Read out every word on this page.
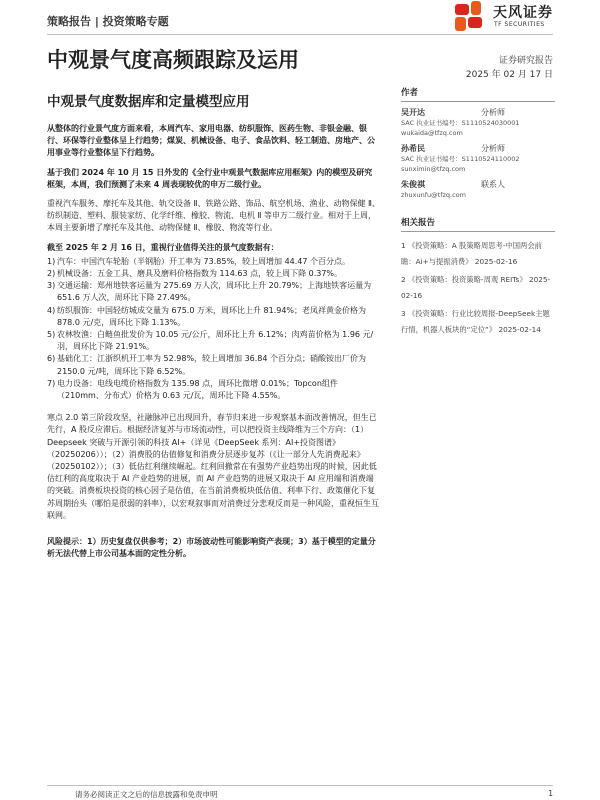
策略报告 | 投资策略专题
天风证券
TF SECURITIES
中观景气度高频跟踪及运用	证券研究报告
2025 年 02 月 17 日
中观景气度数据库和定量模型应用

从整体的行业景气度方面来看，本周汽车、家用电器、纺织服饰、医药生物、非银金融、银行、环保等行业整体呈上行趋势；煤炭、机械设备、电子、食品饮料、轻工制造、房地产、公用事业等行业整体呈下行趋势。

基于我们 2024 年 10 月 15 日外发的《全行业中观景气数据库应用框架》内的模型及研究框架，本周，我们预测了未来 4 周表现较优的申万二级行业。

重视汽车服务、摩托车及其他、轨交设备 Ⅱ、铁路公路、饰品、航空机场、渔业、动物保健 Ⅱ、纺织制造、塑料、服装家纺、化学纤维、橡胶、物流、电机 Ⅱ 等申万二级行业。相对于上周，本周主要新增了摩托车及其他、动物保健 Ⅱ、橡胶、物流等行业。

截至 2025 年 2 月 16 日，重视行业值得关注的景气度数据有：

1) 汽车：中国汽车轮胎（半钢胎）开工率为 73.85%，较上周增加 44.47 个百分点。
2) 机械设备：五金工具、磨具及磨料价格指数为 114.63 点，较上周下降 0.37%。
3) 交通运输：郑州地铁客运量为 275.69 万人次，周环比上升 20.79%；上海地铁客运量为 651.6 万人次，周环比下降 27.49%。
4) 纺织服饰：中国轻纺城成交量为 675.0 万米，周环比上升 81.94%；老凤祥黄金价格为 878.0 元/克，周环比下降 1.13%。
5) 农林牧渔：白鲢鱼批发价为 10.05 元/公斤，周环比上升 6.12%；肉鸡苗价格为 1.96 元/羽，周环比下降 21.91%。
6) 基础化工：江浙织机开工率为 52.98%，较上周增加 36.84 个百分点；硝酸铵出厂价为 2150.0 元/吨，周环比下降 6.52%。
7) 电力设备：电线电缆价格指数为 135.98 点，周环比微增 0.01%；Topcon组件（210mm、分布式）价格为 0.63 元/瓦，周环比下降 4.55%。

寒点 2.0 第三阶段攻坚，社融脉冲已出现回升，春节归来进一步观察基本面改善情况，但生已先行，A 股反应滞后。根据经济复苏与市场流动性，可以把投资主线降维为三个方向：（1）Deepseek 突破与开源引领的科技 AI+（详见《DeepSeek 系列：AI+投资图谱》（20250206））；（2）消费股的估值修复和消费分层逐步复苏（《让一部分人先消费起来》（20250102））；（3）低估红利继续崛起。红利回撤常在有强势产业趋势出现的时候，因此低估红利的高度取决于 AI 产业趋势的进展，而 AI 产业趋势的进展又取决于 AI 应用端和消费端的突破。消费板块投资的核心因子是估值，在当前消费板块低估值、利率下行、政策催化下复苏周期抬头（哪怕是很弱的斜率），以宏观叙事而对消费过分悲观反而是一种风险，重视恒生互联网。

风险提示：1）历史复盘仅供参考；2）市场波动性可能影响资产表现；3）基于模型的定量分析无法代替上市公司基本面的定性分析。

作者
吴开达	分析师
SAC 执业证书编号：S1110524030001
wukaida@tfzq.com
孙希民	分析师
SAC 执业证书编号：S1110524110002
sunximin@tfzq.com
朱俊祺	联系人
zhuxunfu@tfzq.com
相关报告
1 《投资策略：A 股策略周思考-中国两会前瞻：Ai+与提振消费》 2025-02-16
2 《投资策略：投资策略-周观 REITs》 2025-02-16
3 《投资策略：行业比较周报-DeepSeek主题行情，机器人板块的“定位”》 2025-02-14
请务必阅读正文之后的信息披露和免责申明	1
